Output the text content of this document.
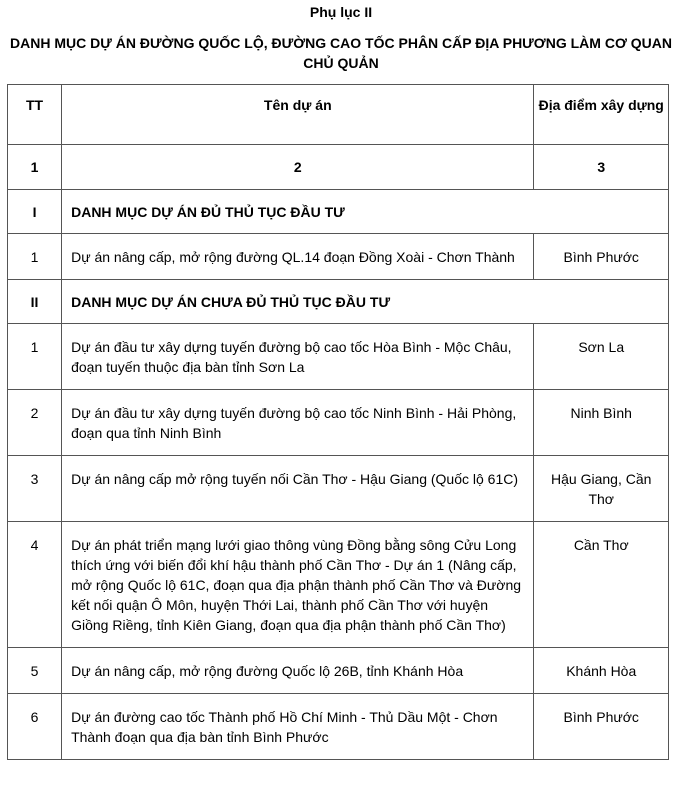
Phụ lục II
DANH MỤC DỰ ÁN ĐƯỜNG QUỐC LỘ, ĐƯỜNG CAO TỐC PHÂN CẤP ĐỊA PHƯƠNG LÀM CƠ QUAN CHỦ QUẢN
TT	Tên dự án	Địa điểm xây dựng
1	2	3
I	DANH MỤC DỰ ÁN ĐỦ THỦ TỤC ĐẦU TƯ	
1	Dự án nâng cấp, mở rộng đường QL.14 đoạn Đồng Xoài - Chơn Thành	Bình Phước
II	DANH MỤC DỰ ÁN CHƯA ĐỦ THỦ TỤC ĐẦU TƯ	
1	Dự án đầu tư xây dựng tuyến đường bộ cao tốc Hòa Bình - Mộc Châu, đoạn tuyến thuộc địa bàn tỉnh Sơn La	Sơn La
2	Dự án đầu tư xây dựng tuyến đường bộ cao tốc Ninh Bình - Hải Phòng, đoạn qua tỉnh Ninh Bình	Ninh Bình
3	Dự án nâng cấp mở rộng tuyến nối Cần Thơ - Hậu Giang (Quốc lộ 61C)	Hậu Giang, Cần Thơ
4	Dự án phát triển mạng lưới giao thông vùng Đồng bằng sông Cửu Long thích ứng với biến đổi khí hậu thành phố Cần Thơ - Dự án 1 (Nâng cấp, mở rộng Quốc lộ 61C, đoạn qua địa phận thành phố Cần Thơ và Đường kết nối quận Ô Môn, huyện Thới Lai, thành phố Cần Thơ với huyện Giồng Riềng, tỉnh Kiên Giang, đoạn qua địa phận thành phố Cần Thơ)	Cần Thơ
5	Dự án nâng cấp, mở rộng đường Quốc lộ 26B, tỉnh Khánh Hòa	Khánh Hòa
6	Dự án đường cao tốc Thành phố Hồ Chí Minh - Thủ Dầu Một - Chơn Thành đoạn qua địa bàn tỉnh Bình Phước	Bình Phước
